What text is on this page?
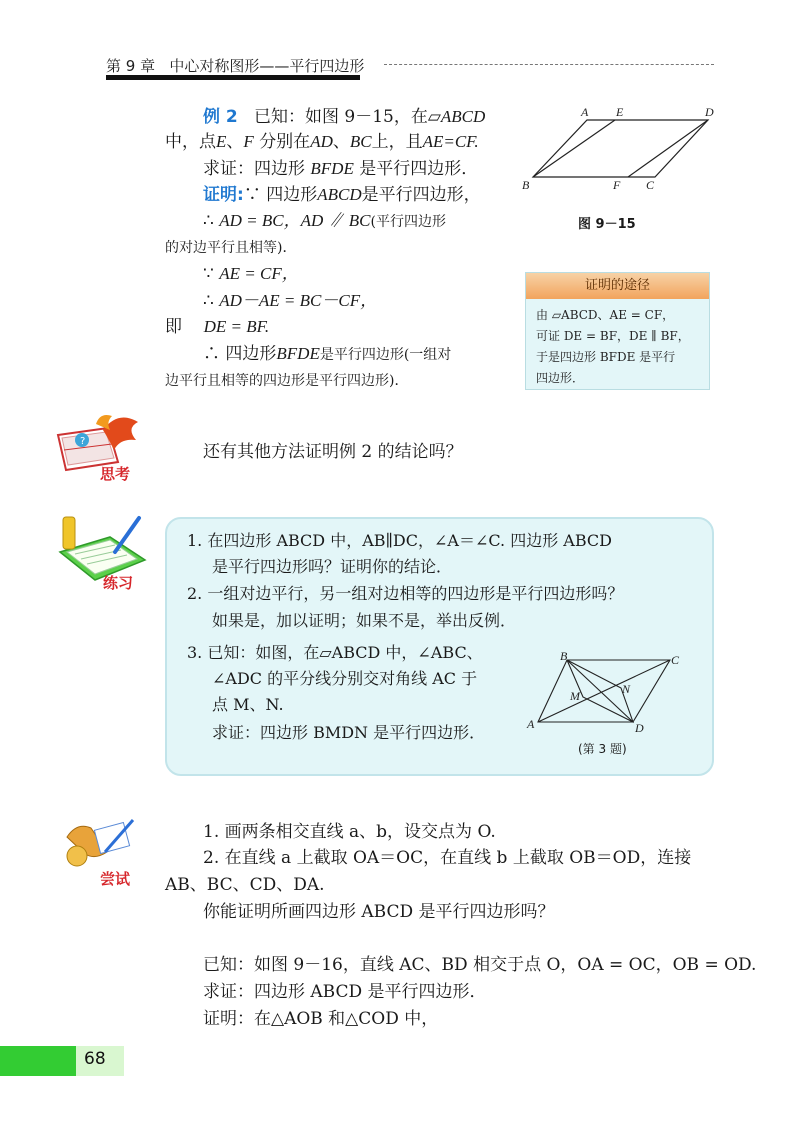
第 9 章 中心对称图形——平行四边形
例 2 已知：如图 9－15，在▱ABCD
中，点E、F 分别在AD、BC上，且AE=CF.
求证：四边形 BFDE 是平行四边形．
证明:∵ 四边形ABCD是平行四边形，
∴ AD = BC，AD ∥ BC(平行四边形
的对边平行且相等)．
∵ AE = CF，
∴ AD－AE = BC－CF，
即 DE = BF.
∴ 四边形BFDE是平行四边形(一组对
边平行且相等的四边形是平行四边形)．
A E	D
B	F C
图 9－15
证明的途径
由 ▱ABCD、AE = CF，
可证 DE = BF，DE ∥ BF，
于是四边形 BFDE 是平行
四边形．
?
思考
还有其他方法证明例 2 的结论吗？
练习
1. 在四边形 ABCD 中，AB∥DC，∠A＝∠C. 四边形 ABCD
是平行四边形吗？证明你的结论．
2. 一组对边平行，另一组对边相等的四边形是平行四边形吗？
如果是，加以证明；如果不是，举出反例．
3. 已知：如图，在▱ABCD 中，∠ABC、
∠ADC 的平分线分别交对角线 AC 于
点 M、N.
求证：四边形 BMDN 是平行四边形．
B	C
A	D
M	N
(第 3 题)
尝试
1. 画两条相交直线 a、b，设交点为 O.
2. 在直线 a 上截取 OA＝OC，在直线 b 上截取 OB＝OD，连接
AB、BC、CD、DA.
你能证明所画四边形 ABCD 是平行四边形吗？
已知：如图 9－16，直线 AC、BD 相交于点 O，OA = OC，OB = OD.
求证：四边形 ABCD 是平行四边形．
证明：在△AOB 和△COD 中，
68
